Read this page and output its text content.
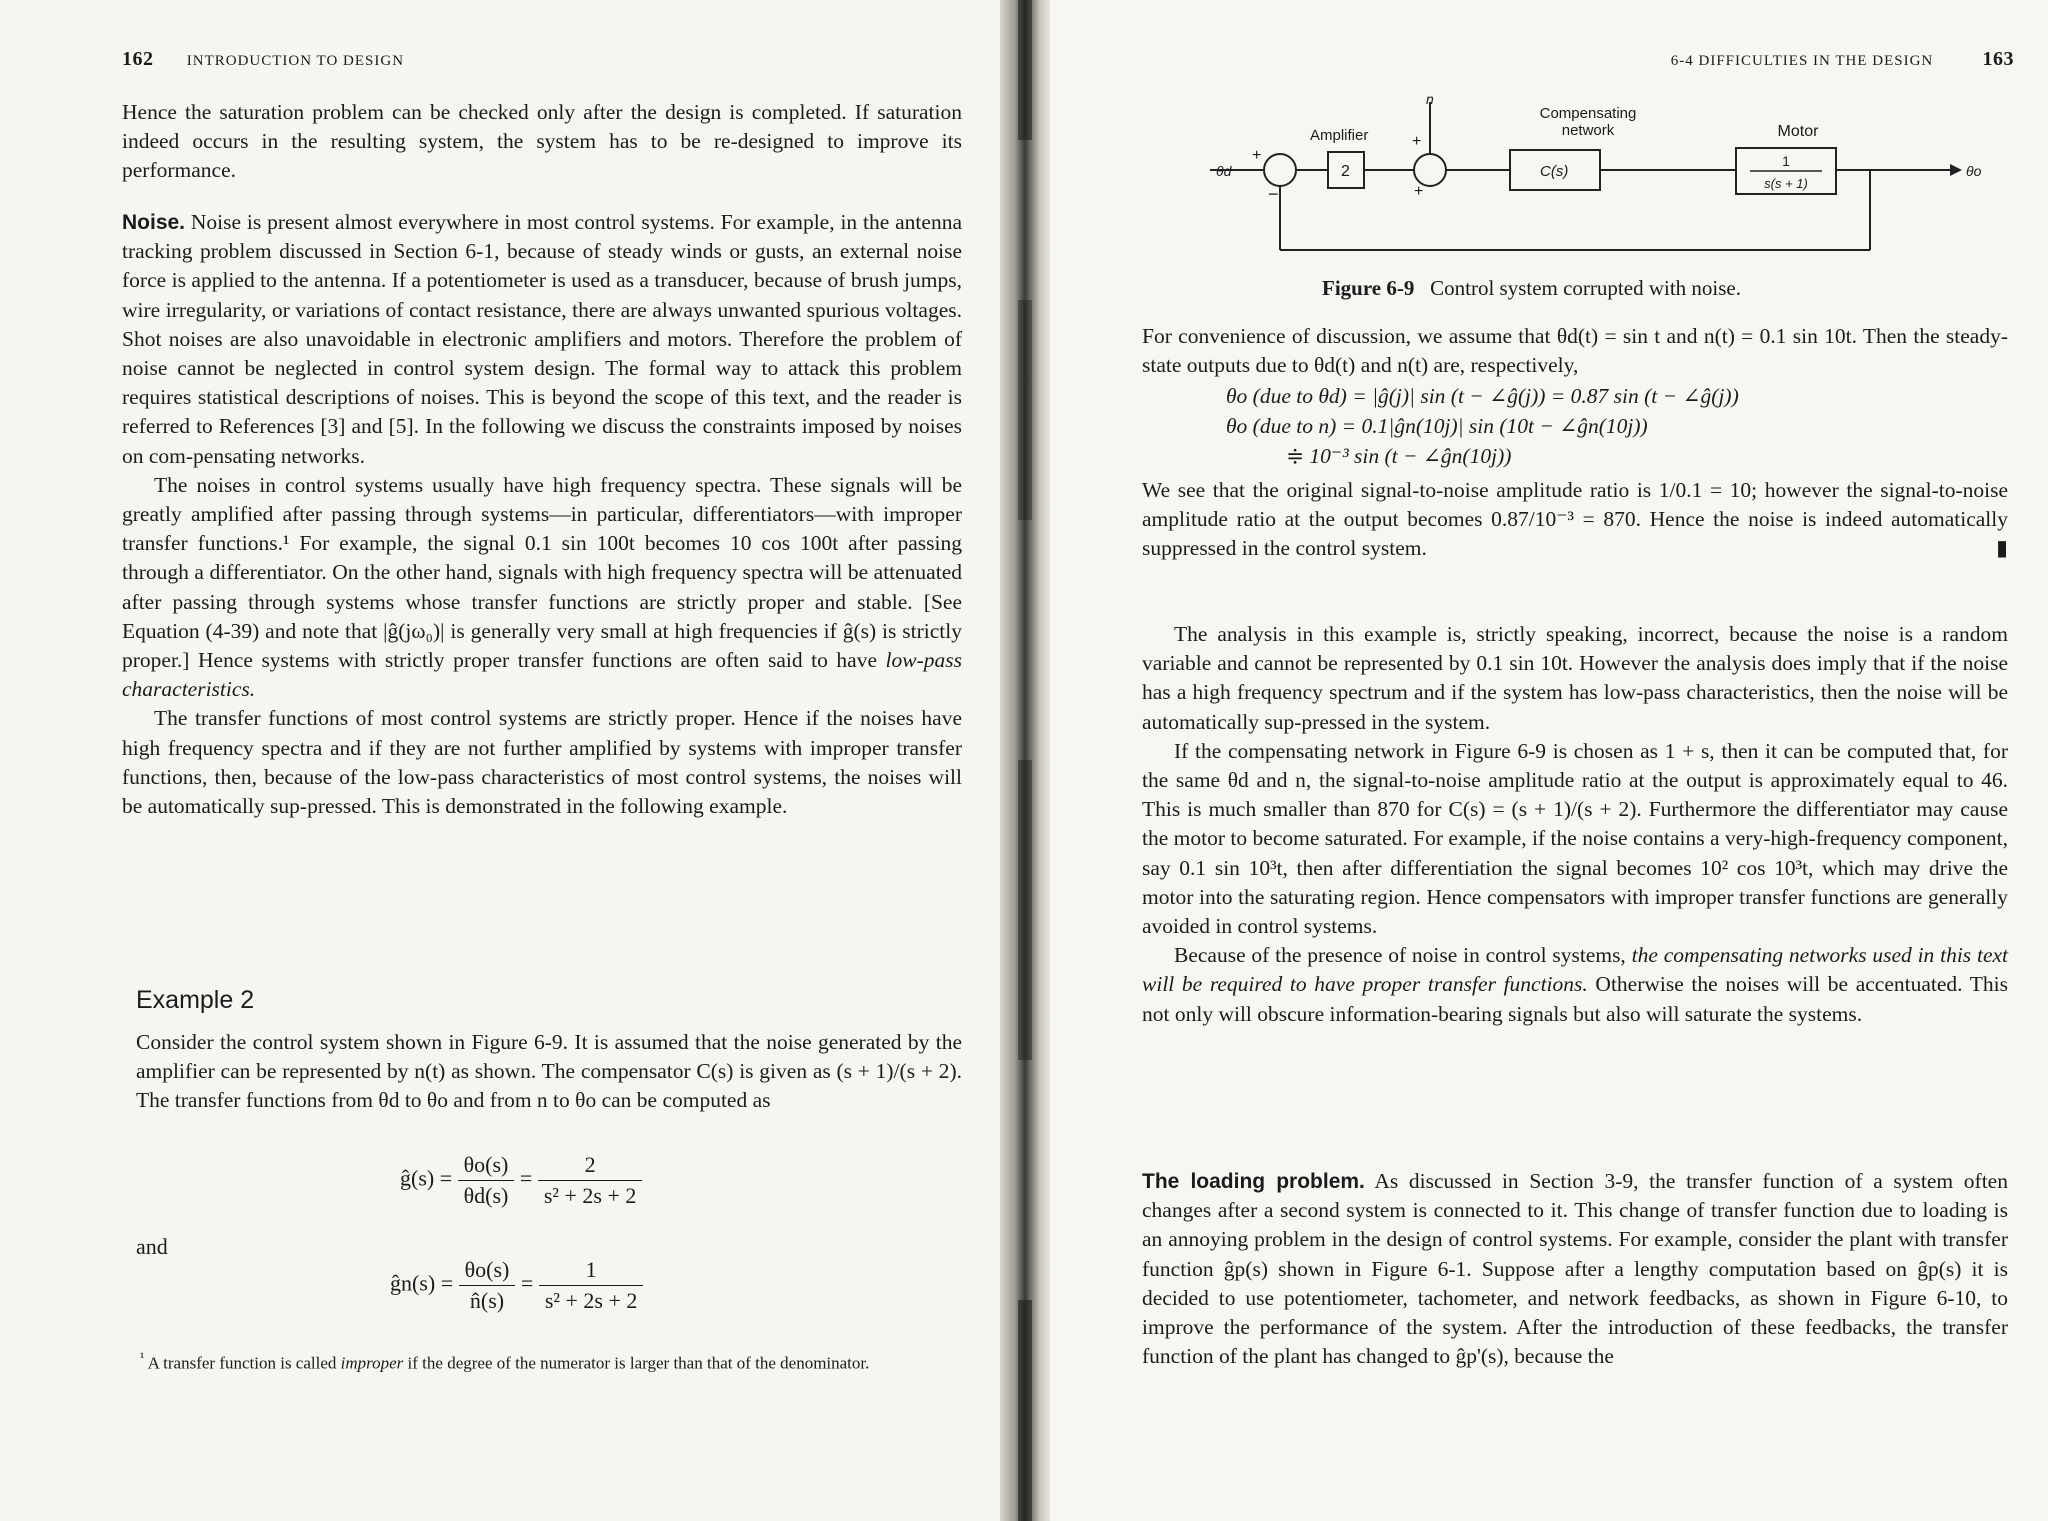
162 INTRODUCTION TO DESIGN

Hence the saturation problem can be checked only after the design is completed. If saturation indeed occurs in the resulting system, the system has to be re-designed to improve its performance.

Noise. Noise is present almost everywhere in most control systems. For example, in the antenna tracking problem discussed in Section 6-1, because of steady winds or gusts, an external noise force is applied to the antenna. If a potentiometer is used as a transducer, because of brush jumps, wire irregularity, or variations of contact resistance, there are always unwanted spurious voltages. Shot noises are also unavoidable in electronic amplifiers and motors. Therefore the problem of noise cannot be neglected in control system design. The formal way to attack this problem requires statistical descriptions of noises. This is beyond the scope of this text, and the reader is referred to References [3] and [5]. In the following we discuss the constraints imposed by noises on com-pensating networks.

The noises in control systems usually have high frequency spectra. These signals will be greatly amplified after passing through systems—in particular, differentiators—with improper transfer functions.¹ For example, the signal 0.1 sin 100t becomes 10 cos 100t after passing through a differentiator. On the other hand, signals with high frequency spectra will be attenuated after passing through systems whose transfer functions are strictly proper and stable. [See Equation (4-39) and note that |ĝ(jω₀)| is generally very small at high frequencies if ĝ(s) is strictly proper.] Hence systems with strictly proper transfer functions are often said to have low-pass characteristics.

The transfer functions of most control systems are strictly proper. Hence if the noises have high frequency spectra and if they are not further amplified by systems with improper transfer functions, then, because of the low-pass characteristics of most control systems, the noises will be automatically sup-pressed. This is demonstrated in the following example.

Example 2

Consider the control system shown in Figure 6-9. It is assumed that the noise generated by the amplifier can be represented by n(t) as shown. The compensator C(s) is given as (s + 1)/(s + 2). The transfer functions from θd to θo and from n to θo can be computed as

ĝ(s) = $\frac{\theta o(s)}{\theta d(s)} = \frac{2}{\text{s² + 2s + 2}}$
and
ĝn(s) = $\frac{\theta o(s)}{n̂(s)} = \frac{1}{\text{s² + 2s + 2}}$
$^{^1}$ A transfer function is called improper if the degree of the numerator is larger than that of the denominator.
6-4 DIFFICULTIES IN THE DESIGN 163
θd
+
−
Amplifier
2
n
+
+
Compensating
network
C(s)
Motor
1
s(s + 1)
θo
Figure 6-9 Control system corrupted with noise.

For convenience of discussion, we assume that θd(t) = sin t and n(t) = 0.1 sin 10t. Then the steady-state outputs due to θd(t) and n(t) are, respectively,

θo (due to θd) = |ĝ(j)| sin (t − ∠ĝ(j)) = 0.87 sin (t − ∠ĝ(j))
θo (due to n) = 0.1|ĝn(10j)| sin (10t − ∠ĝn(10j))
≑ 10⁻³ sin (t − ∠ĝn(10j))

We see that the original signal-to-noise amplitude ratio is 1/0.1 = 10; however the signal-to-noise amplitude ratio at the output becomes 0.87/10⁻³ = 870. Hence the noise is indeed automatically suppressed in the control system.	▮

The analysis in this example is, strictly speaking, incorrect, because the noise is a random variable and cannot be represented by 0.1 sin 10t. However the analysis does imply that if the noise has a high frequency spectrum and if the system has low-pass characteristics, then the noise will be automatically sup-pressed in the system.

If the compensating network in Figure 6-9 is chosen as 1 + s, then it can be computed that, for the same θd and n, the signal-to-noise amplitude ratio at the output is approximately equal to 46. This is much smaller than 870 for C(s) = (s + 1)/(s + 2). Furthermore the differentiator may cause the motor to become saturated. For example, if the noise contains a very-high-frequency component, say 0.1 sin 10³t, then after differentiation the signal becomes 10² cos 10³t, which may drive the motor into the saturating region. Hence compensators with improper transfer functions are generally avoided in control systems.

Because of the presence of noise in control systems, the compensating networks used in this text will be required to have proper transfer functions. Otherwise the noises will be accentuated. This not only will obscure information-bearing signals but also will saturate the systems.

The loading problem. As discussed in Section 3-9, the transfer function of a system often changes after a second system is connected to it. This change of transfer function due to loading is an annoying problem in the design of control systems. For example, consider the plant with transfer function ĝp(s) shown in Figure 6-1. Suppose after a lengthy computation based on ĝp(s) it is decided to use potentiometer, tachometer, and network feedbacks, as shown in Figure 6-10, to improve the performance of the system. After the introduction of these feedbacks, the transfer function of the plant has changed to ĝp'(s), because the
